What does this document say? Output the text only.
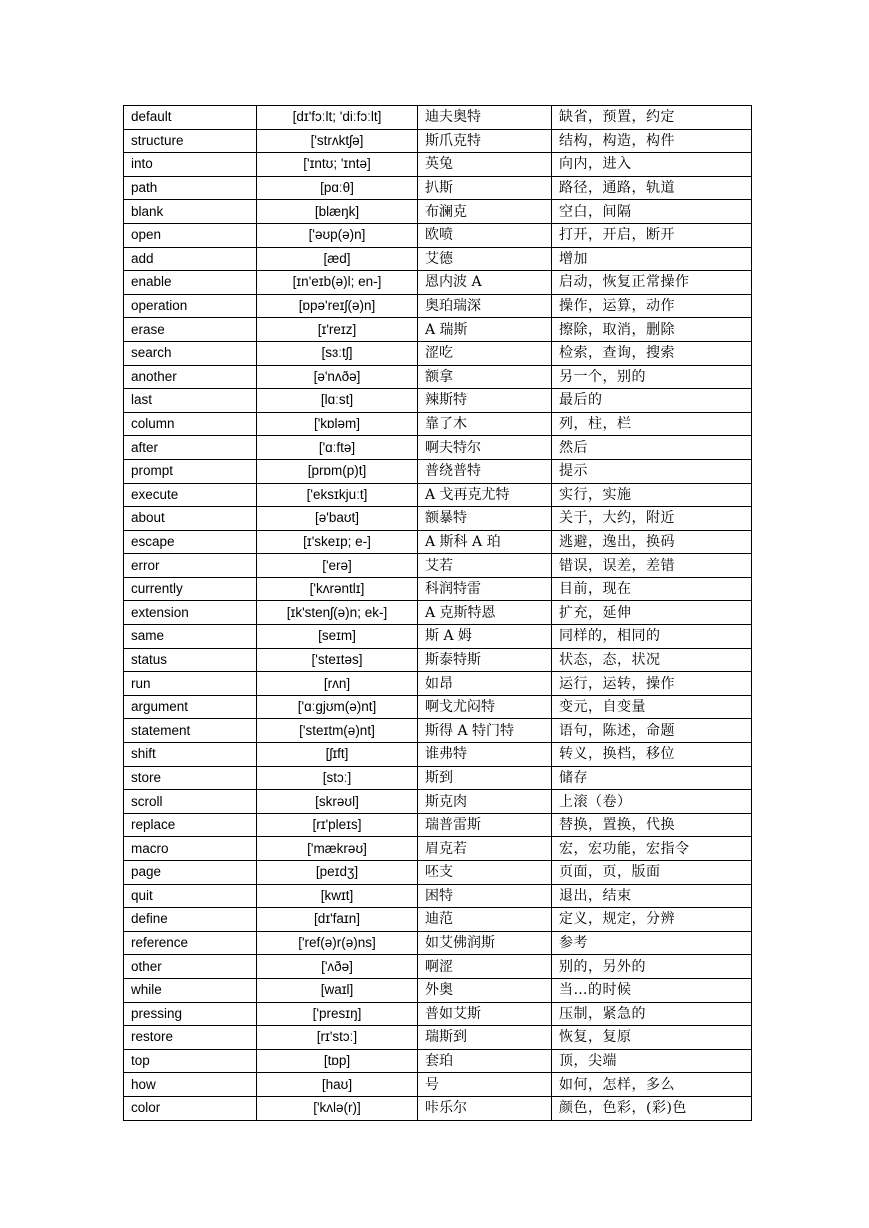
default	[dɪ'fɔːlt; 'diːfɔːlt]	迪夫奥特	缺省，预置，约定
structure	['strʌktʃə]	斯爪克特	结构，构造，构件
into	['ɪntʊ; 'ɪntə]	英兔	向内，进入
path	[pɑːθ]	扒斯	路径，通路，轨道
blank	[blæŋk]	布澜克	空白，间隔
open	['əʊp(ə)n]	欧喷	打开，开启，断开
add	[æd]	艾德	增加
enable	[ɪn'eɪb(ə)l; en-]	恩内波 A	启动，恢复正常操作
operation	[ɒpə'reɪʃ(ə)n]	奥珀瑞深	操作，运算，动作
erase	[ɪ'reɪz]	A 瑞斯	擦除，取消，删除
search	[sɜːtʃ]	涩吃	检索，查询，搜索
another	[ə'nʌðə]	额拿	另一个，别的
last	[lɑːst]	辣斯特	最后的
column	['kɒləm]	靠了木	列，柱，栏
after	['ɑːftə]	啊夫特尔	然后
prompt	[prɒm(p)t]	普绕普特	提示
execute	['eksɪkjuːt]	A 戈再克尤特	实行，实施
about	[ə'baʊt]	额暴特	关于，大约，附近
escape	[ɪ'skeɪp; e-]	A 斯科 A 珀	逃避，逸出，换码
error	['erə]	艾若	错误，误差，差错
currently	['kʌrəntlɪ]	科润特雷	目前，现在
extension	[ɪk'stenʃ(ə)n; ek-]	A 克斯特恩	扩充，延伸
same	[seɪm]	斯 A 姆	同样的，相同的
status	['steɪtəs]	斯泰特斯	状态，态，状况
run	[rʌn]	如昂	运行，运转，操作
argument	['ɑːgjʊm(ə)nt]	啊戈尤闷特	变元，自变量
statement	['steɪtm(ə)nt]	斯得 A 特门特	语句，陈述，命题
shift	[ʃɪft]	谁弗特	转义，换档，移位
store	[stɔː]	斯到	储存
scroll	[skrəʊl]	斯克肉	上滚（卷）
replace	[rɪ'pleɪs]	瑞普雷斯	替换，置换，代换
macro	['mækrəʊ]	眉克若	宏，宏功能，宏指令
page	[peɪdʒ]	呸支	页面，页，版面
quit	[kwɪt]	困特	退出，结束
define	[dɪ'faɪn]	迪范	定义，规定，分辨
reference	['ref(ə)r(ə)ns]	如艾佛润斯	参考
other	['ʌðə]	啊涩	别的，另外的
while	[waɪl]	外奥	当…的时候
pressing	['presɪŋ]	普如艾斯	压制，紧急的
restore	[rɪ'stɔː]	瑞斯到	恢复，复原
top	[tɒp]	套珀	顶，尖端
how	[haʊ]	号	如何，怎样，多么
color	['kʌlə(r)]	咔乐尔	颜色，色彩，(彩)色
